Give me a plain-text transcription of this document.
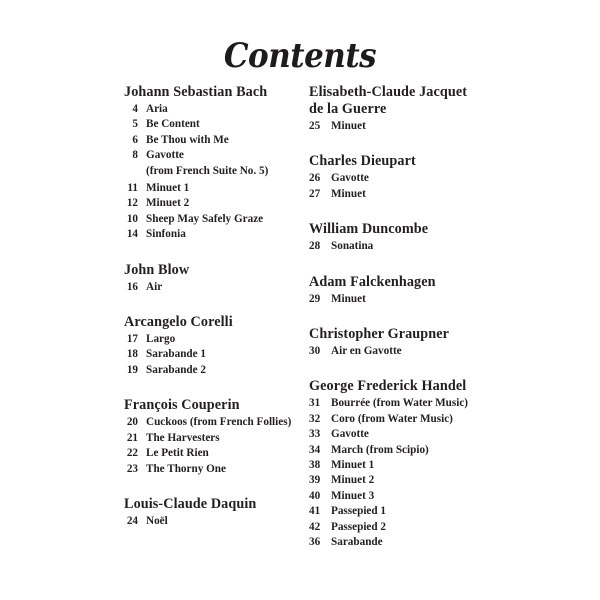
Contents
Johann Sebastian Bach
4 Aria
5 Be Content
6 Be Thou with Me
8 Gavotte
(from French Suite No. 5)
11 Minuet 1
12 Minuet 2
10 Sheep May Safely Graze
14 Sinfonia
John Blow
16 Air
Arcangelo Corelli
17 Largo
18 Sarabande 1
19 Sarabande 2
François Couperin
20 Cuckoos (from French Follies)
21 The Harvesters
22 Le Petit Rien
23 The Thorny One
Louis-Claude Daquin
24 Noël
Elisabeth-Claude Jacquet
de la Guerre
25 Minuet
Charles Dieupart
26 Gavotte
27 Minuet
William Duncombe
28 Sonatina
Adam Falckenhagen
29 Minuet
Christopher Graupner
30 Air en Gavotte
George Frederick Handel
31 Bourrée (from Water Music)
32 Coro (from Water Music)
33 Gavotte
34 March (from Scipio)
38 Minuet 1
39 Minuet 2
40 Minuet 3
41 Passepied 1
42 Passepied 2
36 Sarabande
